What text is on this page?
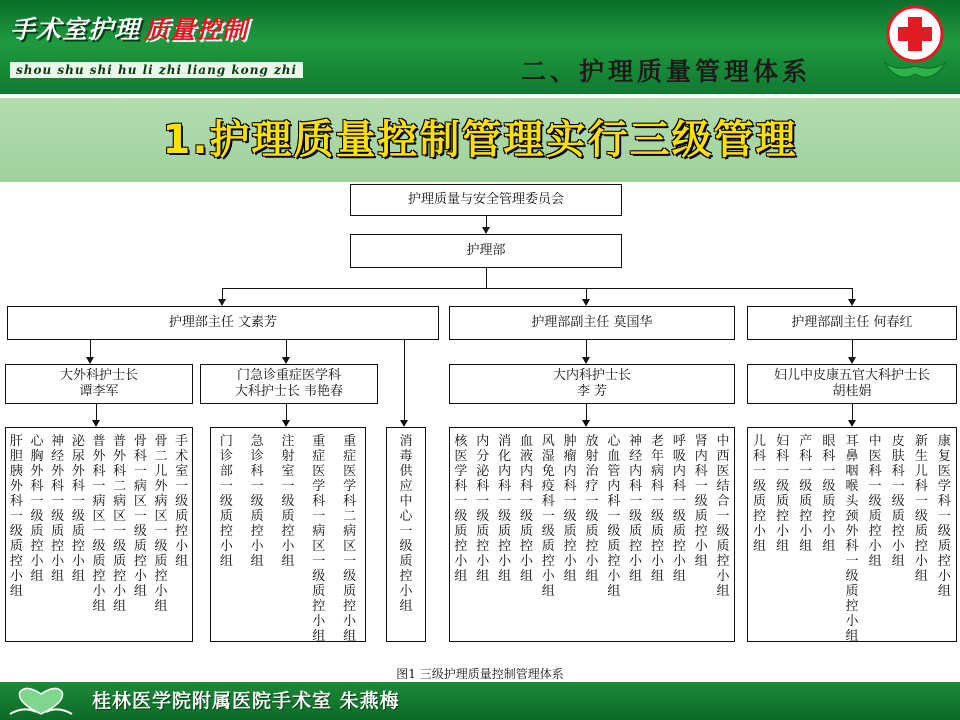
手术室护理 质量控制
shou shu shi hu li zhi liang kong zhi	二、护理质量管理体系
1.护理质量控制管理实行三级管理
护理质量与安全管理委员会
护理部
护理部主任 文素芳	护理部副主任 莫国华	护理部副主任 何春红
大外科护士长
谭李军
门急诊重症医学科
大科护士长 韦艳春
大内科护士长
李 芳
妇儿中皮康五官大科护士长
胡桂娟
肝胆胰外科一级质控小组
心胸外科一级质控小组
神经外科一级质控小组
泌尿外科一级质控小组
普外科一病区一级质控小组
普外科二病区一级质控小组
骨科一病区一级质控小组
骨二儿外病区一级质控小组
手术室一级质控小组
门诊部一级质控小组
急诊科一级质控小组
注射室一级质控小组
重症医学科一病区一级质控小组
重症医学科二病区一级质控小组
消毒供应中心一级质控小组
核医学科一级质控小组
内分泌科一级质控小组
消化内科一级质控小组
血液内科一级质控小组
风湿免疫科一级质控小组
肿瘤内科一级质控小组
放射治疗一级质控小组
心血管内科一级质控小组
神经内科一级质控小组
老年病科一级质控小组
呼吸内科一级质控小组
肾内科一级质控小组
中西医结合一级质控小组
儿科一级质控小组
妇科一级质控小组
产科一级质控小组
眼科一级质控小组
耳鼻咽喉头颈外科一级质控小组
中医科一级质控小组
皮肤科一级质控小组
新生儿科一级质控小组
康复医学科一级质控小组
图1 三级护理质量控制管理体系
桂林医学院附属医院手术室 朱燕梅
